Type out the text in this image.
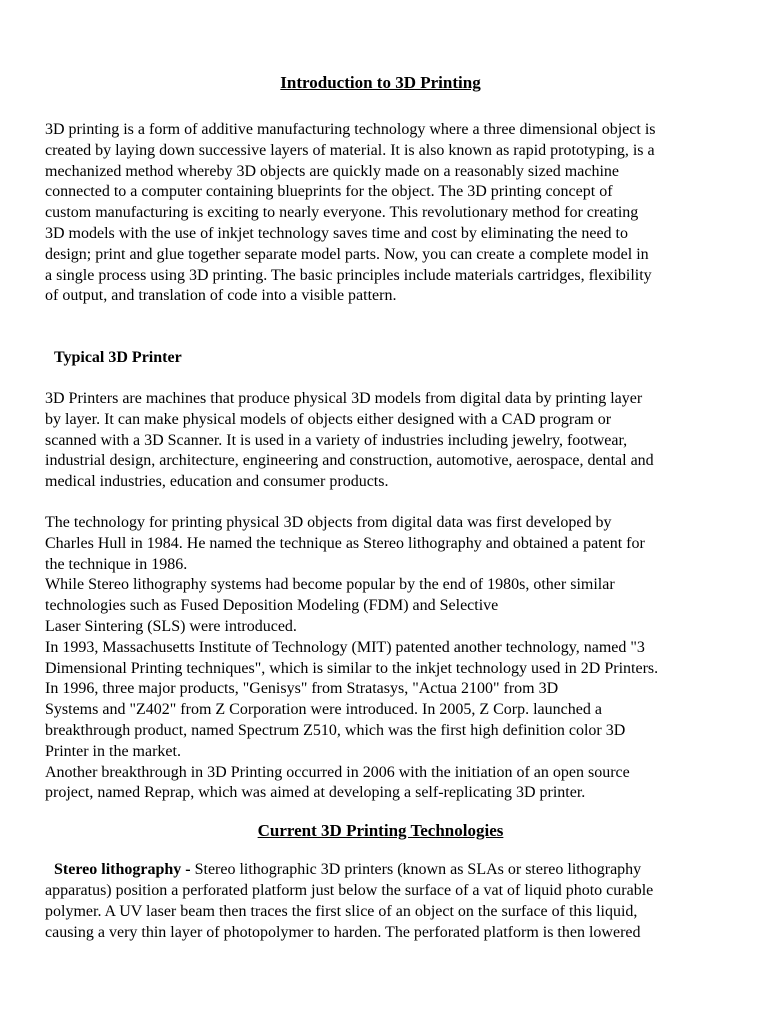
Introduction to 3D Printing

3D printing is a form of additive manufacturing technology where a three dimensional object is
created by laying down successive layers of material. It is also known as rapid prototyping, is a
mechanized method whereby 3D objects are quickly made on a reasonably sized machine
connected to a computer containing blueprints for the object. The 3D printing concept of
custom manufacturing is exciting to nearly everyone. This revolutionary method for creating
3D models with the use of inkjet technology saves time and cost by eliminating the need to
design; print and glue together separate model parts. Now, you can create a complete model in
a single process using 3D printing. The basic principles include materials cartridges, flexibility
of output, and translation of code into a visible pattern.

Typical 3D Printer

3D Printers are machines that produce physical 3D models from digital data by printing layer
by layer. It can make physical models of objects either designed with a CAD program or
scanned with a 3D Scanner. It is used in a variety of industries including jewelry, footwear,
industrial design, architecture, engineering and construction, automotive, aerospace, dental and
medical industries, education and consumer products.

The technology for printing physical 3D objects from digital data was first developed by
Charles Hull in 1984. He named the technique as Stereo lithography and obtained a patent for
the technique in 1986.
While Stereo lithography systems had become popular by the end of 1980s, other similar
technologies such as Fused Deposition Modeling (FDM) and Selective
Laser Sintering (SLS) were introduced.
In 1993, Massachusetts Institute of Technology (MIT) patented another technology, named "3
Dimensional Printing techniques", which is similar to the inkjet technology used in 2D Printers.
In 1996, three major products, "Genisys" from Stratasys, "Actua 2100" from 3D
Systems and "Z402" from Z Corporation were introduced. In 2005, Z Corp. launched a
breakthrough product, named Spectrum Z510, which was the first high definition color 3D
Printer in the market.
Another breakthrough in 3D Printing occurred in 2006 with the initiation of an open source
project, named Reprap, which was aimed at developing a self-replicating 3D printer.

Current 3D Printing Technologies

Stereo lithography - Stereo lithographic 3D printers (known as SLAs or stereo lithography
apparatus) position a perforated platform just below the surface of a vat of liquid photo curable
polymer. A UV laser beam then traces the first slice of an object on the surface of this liquid,
causing a very thin layer of photopolymer to harden. The perforated platform is then lowered
